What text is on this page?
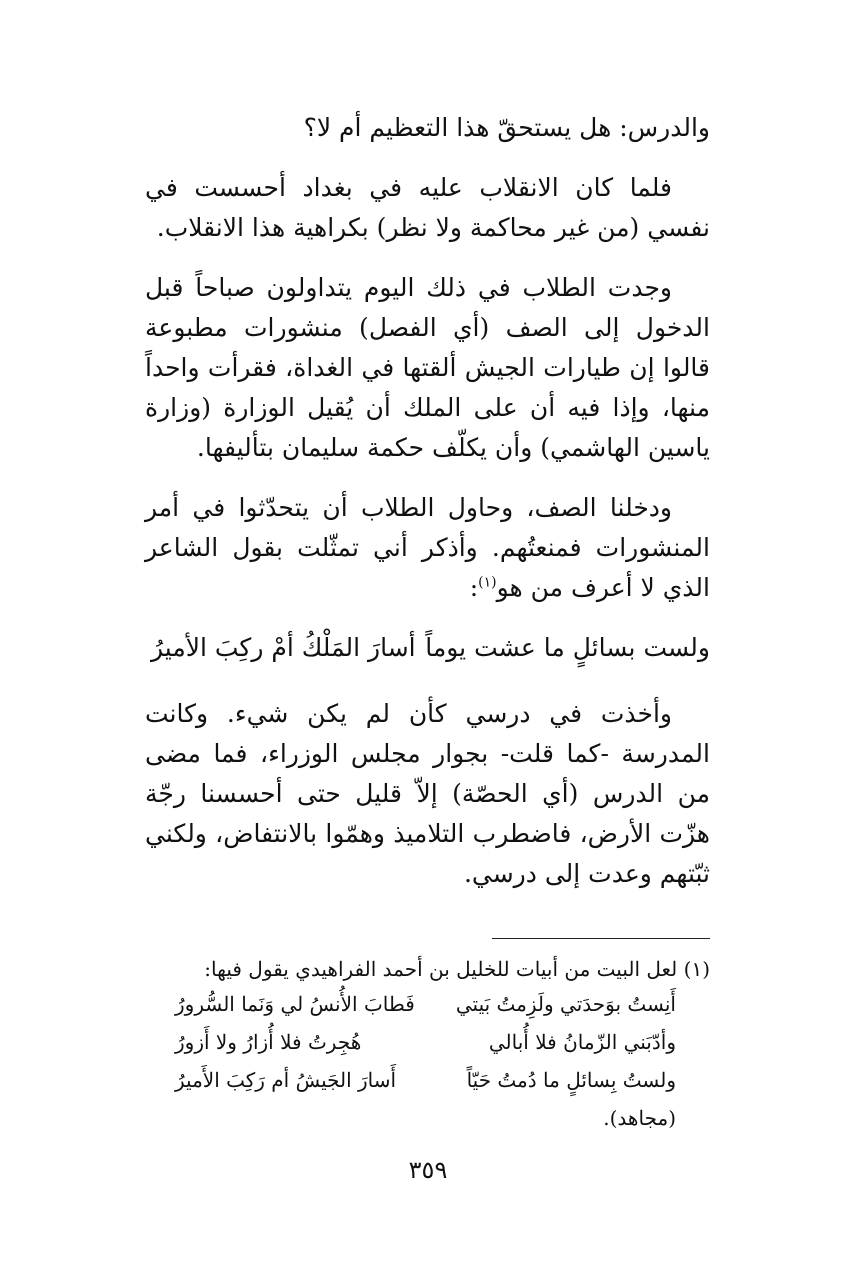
والدرس: هل يستحقّ هذا التعظيم أم لا؟

فلما كان الانقلاب عليه في بغداد أحسست في نفسي (من غير محاكمة ولا نظر) بكراهية هذا الانقلاب.

وجدت الطلاب في ذلك اليوم يتداولون صباحاً قبل الدخول إلى الصف (أي الفصل) منشورات مطبوعة قالوا إن طيارات الجيش ألقتها في الغداة، فقرأت واحداً منها، وإذا فيه أن على الملك أن يُقيل الوزارة (وزارة ياسين الهاشمي) وأن يكلّف حكمة سليمان بتأليفها.

ودخلنا الصف، وحاول الطلاب أن يتحدّثوا في أمر المنشورات فمنعتُهم. وأذكر أني تمثّلت بقول الشاعر الذي لا أعرف من هو$^{(١)}$:

ولست بسائلٍ ما عشت يوماً
أسارَ المَلْكُ أمْ ركِبَ الأميرُ

وأخذت في درسي كأن لم يكن شيء. وكانت المدرسة -كما قلت- بجوار مجلس الوزراء، فما مضى من الدرس (أي الحصّة) إلاّ قليل حتى أحسسنا رجّة هزّت الأرض، فاضطرب التلاميذ وهمّوا بالانتفاض، ولكني ثبّتهم وعدت إلى درسي.

(١) لعل البيت من أبيات للخليل بن أحمد الفراهيدي يقول فيها:

أَنِستُ بوَحدَتي ولَزِمتُ بَيتي
فَطابَ الأُنسُ لي وَنَما السُّرورُ
وأدّبَني الزّمانُ فلا أُبالي
هُجِرتُ فلا أُزارُ ولا أَزورُ
ولستُ بِسائلٍ ما دُمتُ حَيّاً
أَسارَ الجَيشُ أم رَكِبَ الأَميرُ
(مجاهد).
٣٥٩
